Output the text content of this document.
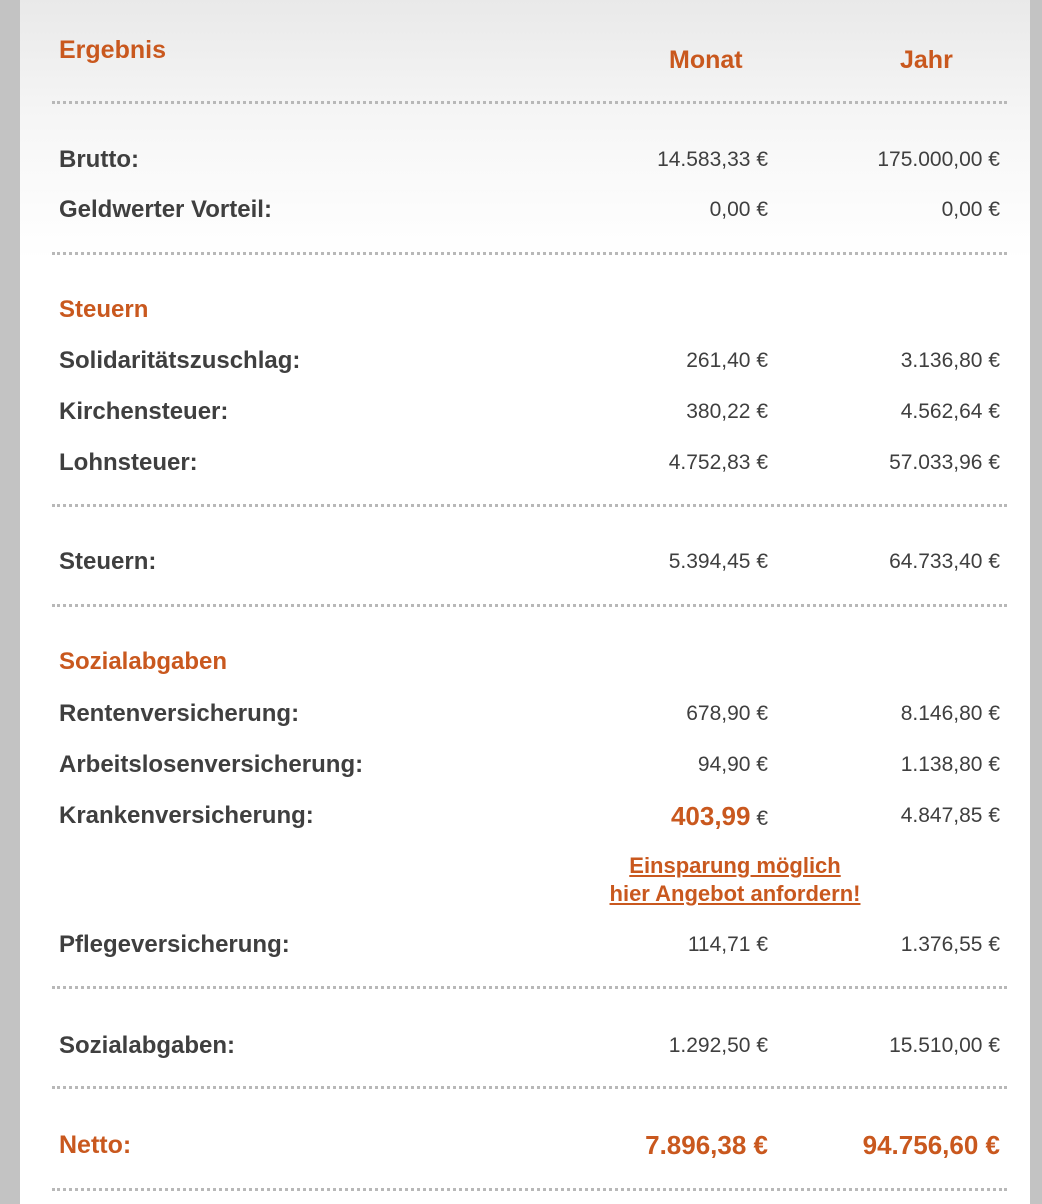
Ergebnis	Monat	Jahr
Brutto:	14.583,33 €	175.000,00 €
Geldwerter Vorteil:	0,00 €	0,00 €
Steuern
Solidaritätszuschlag:	261,40 €	3.136,80 €
Kirchensteuer:	380,22 €	4.562,64 €
Lohnsteuer:	4.752,83 €	57.033,96 €
Steuern:	5.394,45 €	64.733,40 €
Sozialabgaben
Rentenversicherung:	678,90 €	8.146,80 €
Arbeitslosenversicherung:	94,90 €	1.138,80 €
Krankenversicherung:	403,99 €	4.847,85 €
Einsparung möglich
hier Angebot anfordern!
Pflegeversicherung:	114,71 €	1.376,55 €
Sozialabgaben:	1.292,50 €	15.510,00 €
Netto:	7.896,38 €	94.756,60 €
